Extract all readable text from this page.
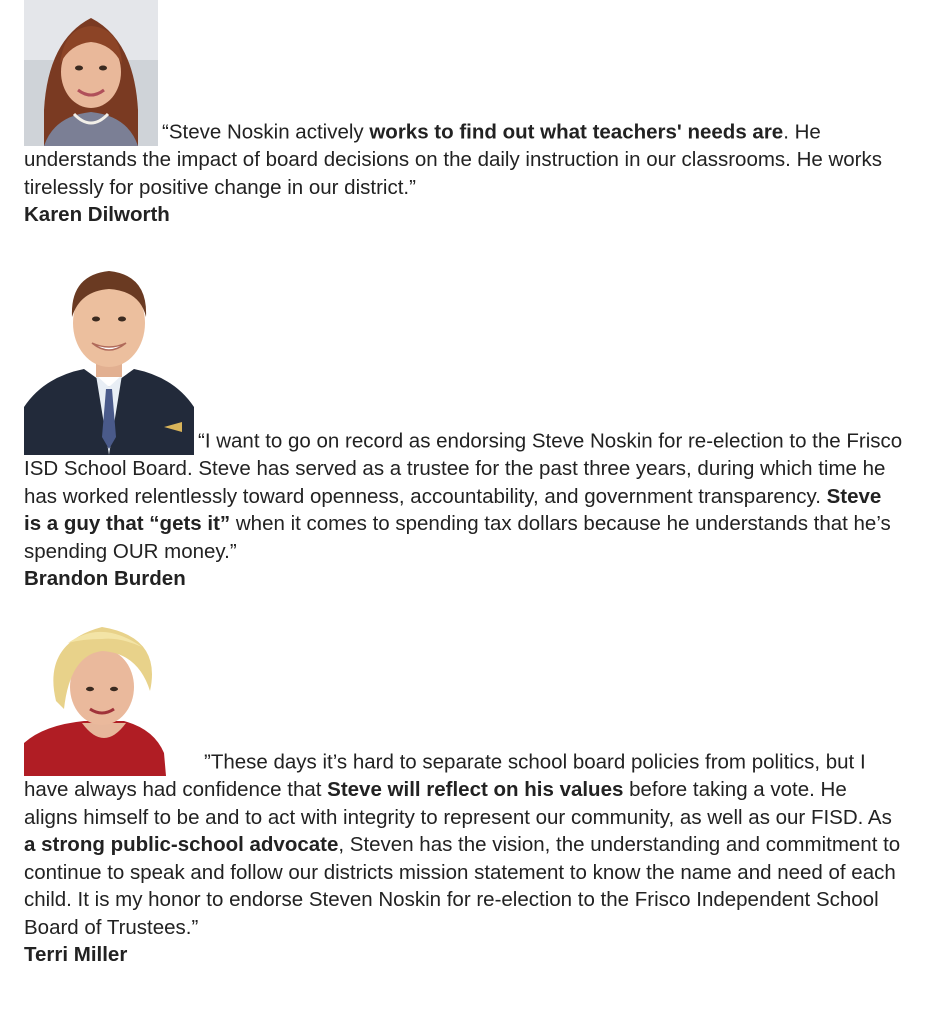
“Steve Noskin actively works to find out what teachers' needs are. He understands the impact of board decisions on the daily instruction in our classrooms. He works tirelessly for positive change in our district.”

Karen Dilworth

“I want to go on record as endorsing Steve Noskin for re-election to the Frisco ISD School Board. Steve has served as a trustee for the past three years, during which time he has worked relentlessly toward openness, accountability, and government transparency. Steve is a guy that “gets it” when it comes to spending tax dollars because he understands that he’s spending OUR money.”

Brandon Burden

”These days it’s hard to separate school board policies from politics, but I have always had confidence that Steve will reflect on his values before taking a vote. He aligns himself to be and to act with integrity to represent our community, as well as our FISD. As a strong public-school advocate, Steven has the vision, the understanding and commitment to continue to speak and follow our districts mission statement to know the name and need of each child. It is my honor to endorse Steven Noskin for re-election to the Frisco Independent School Board of Trustees.”

Terri Miller
